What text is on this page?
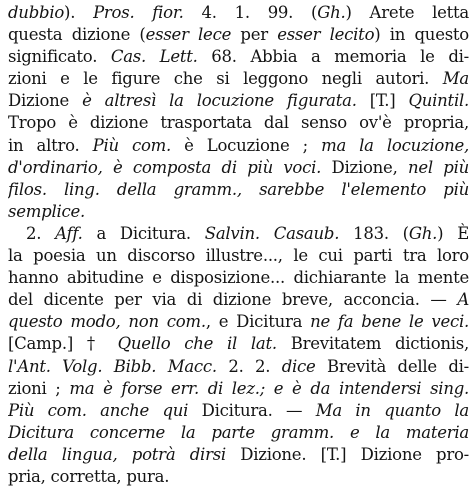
dubbio). Pros. fior. 4. 1. 99. (Gh.) Arete letta
questa dizione (esser lece per esser lecito) in questo
significato. Cas. Lett. 68. Abbia a memoria le di-
zioni e le figure che si leggono negli autori. Ma
Dizione è altresì la locuzione figurata. [T.] Quintil.
Tropo è dizione trasportata dal senso ov'è propria,
in altro. Più com. è Locuzione ; ma la locuzione,
d'ordinario, è composta di più voci. Dizione, nel più
filos. ling. della gramm., sarebbe l'elemento più
semplice.
2. Aff. a Dicitura. Salvin. Casaub. 183. (Gh.) È
la poesia un discorso illustre..., le cui parti tra loro
hanno abitudine e disposizione... dichiarante la mente
del dicente per via di dizione breve, acconcia. — A
questo modo, non com., e Dicitura ne fa bene le veci.
[Camp.] † Quello che il lat. Brevitatem dictionis,
l'Ant. Volg. Bibb. Macc. 2. 2. dice Brevità delle di-
zioni ; ma è forse err. di lez.; e è da intendersi sing.
Più com. anche qui Dicitura. — Ma in quanto la
Dicitura concerne la parte gramm. e la materia
della lingua, potrà dirsi Dizione. [T.] Dizione pro-
pria, corretta, pura.
